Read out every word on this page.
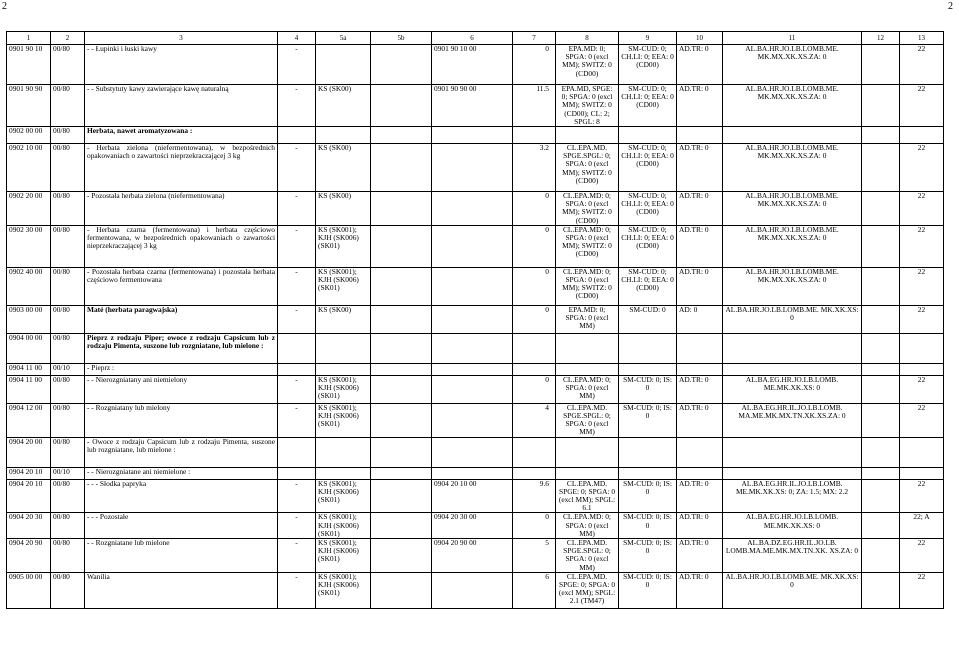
2	2
1	2	3	4	5a	5b	6	7	8	9	10	11	12	13
0901 90 10	00/80	- - Łupinki i łuski kawy	-			0901 90 10 00	0	EPA.MD: 0; SPGA: 0 (excl MM); SWITZ: 0 (CD00)	SM-CUD: 0; CH.LI: 0; EEA: 0 (CD00)	AD.TR: 0	AL.BA.HR.JO.LB.LOMB.ME. MK.MX.XK.XS.ZA: 0		22
0901 90 90	00/80	- - Substytuty kawy zawierające kawę naturalną	-	KS (SK00)		0901 90 90 00	11.5	EPA.MD, SPGE: 0; SPGA: 0 (excl MM); SWITZ: 0 (CD00); CL: 2; SPGL: 8	SM-CUD: 0; CH.LI: 0; EEA: 0 (CD00)	AD.TR: 0	AL.BA.HR.JO.LB.LOMB.ME. MK.MX.XK.XS.ZA: 0		22
0902 00 00	00/80	Herbata, nawet aromatyzowana :											
0902 10 00	00/80	- Herbata zielona (niefermentowana), w bezpośrednich opakowaniach o zawartości nieprzekraczającej 3 kg	-	KS (SK00)			3.2	CL.EPA.MD. SPGE.SPGL: 0; SPGA: 0 (excl MM); SWITZ: 0 (CD00)	SM-CUD: 0; CH.LI: 0; EEA: 0 (CD00)	AD.TR: 0	AL.BA.HR.JO.LB.LOMB.ME. MK.MX.XK.XS.ZA: 0		22
0902 20 00	00/80	- Pozostała herbata zielona (niefermentowana)	-	KS (SK00)			0	CL.EPA.MD: 0; SPGA: 0 (excl MM); SWITZ: 0 (CD00)	SM-CUD: 0; CH.LI: 0; EEA: 0 (CD00)	AD.TR: 0	AL.BA.HR.JO.LB.LOMB.ME. MK.MX.XK.XS.ZA: 0		22
0902 30 00	00/80	- Herbata czarna (fermentowana) i herbata częściowo fermentowana, w bezpośrednich opakowaniach o zawartości nieprzekraczającej 3 kg	-	KS (SK001); KJH (SK006) (SK01)			0	CL.EPA.MD: 0; SPGA: 0 (excl MM); SWITZ: 0 (CD00)	SM-CUD: 0; CH.LI: 0; EEA: 0 (CD00)	AD.TR: 0	AL.BA.HR.JO.LB.LOMB.ME. MK.MX.XK.XS.ZA: 0		22
0902 40 00	00/80	- Pozostała herbata czarna (fermentowana) i pozostała herbata częściowo fermentowana	-	KS (SK001); KJH (SK006) (SK01)			0	CL.EPA.MD: 0; SPGA: 0 (excl MM); SWITZ: 0 (CD00)	SM-CUD: 0; CH.LI: 0; EEA: 0 (CD00)	AD.TR: 0	AL.BA.HR.JO.LB.LOMB.ME. MK.MX.XK.XS.ZA: 0		22
0903 00 00	00/80	Maté (herbata paragwajska)	-	KS (SK00)			0	EPA.MD: 0; SPGA: 0 (excl MM)	SM-CUD: 0	AD: 0	AL.BA.HR.JO.LB.LOMB.ME. MK.XK.XS: 0		22
0904 00 00	00/80	Pieprz z rodzaju Piper; owoce z rodzaju Capsicum lub z rodzaju Pimenta, suszone lub rozgniatane, lub mielone :											
0904 11 00	00/10	- Pieprz :											
0904 11 00	00/80	- - Nierozgniatany ani niemielony	-	KS (SK001); KJH (SK006) (SK01)			0	CL.EPA.MD: 0; SPGA: 0 (excl MM)	SM-CUD: 0; IS: 0	AD.TR: 0	AL.BA.EG.HR.JO.LB.LOMB. ME.MK.XK.XS: 0		22
0904 12 00	00/80	- - Rozgniatany lub mielony	-	KS (SK001); KJH (SK006) (SK01)			4	CL.EPA.MD. SPGE.SPGL: 0; SPGA: 0 (excl MM)	SM-CUD: 0; IS: 0	AD.TR: 0	AL.BA.EG.HR.IL.JO.LB.LOMB. MA.ME.MK.MX.TN.XK.XS.ZA: 0		22
0904 20 00	00/80	- Owoce z rodzaju Capsicum lub z rodzaju Pimenta, suszone lub rozgniatane, lub mielone :											
0904 20 10	00/10	- - Nierozgniatane ani niemielone :											
0904 20 10	00/80	- - - Słodka papryka	-	KS (SK001); KJH (SK006) (SK01)		0904 20 10 00	9.6	CL.EPA.MD. SPGE: 0; SPGA: 0 (excl MM); SPGL: 6.1	SM-CUD: 0; IS: 0	AD.TR: 0	AL.BA.EG.HR.IL.JO.LB.LOMB. ME.MK.XK.XS: 0; ZA: 1.5; MX: 2.2		22
0904 20 30	00/80	- - - Pozostałe	-	KS (SK001); KJH (SK006) (SK01)		0904 20 30 00	0	CL.EPA.MD: 0; SPGA: 0 (excl MM)	SM-CUD: 0; IS: 0	AD.TR: 0	AL.BA.EG.HR.JO.LB.LOMB. ME.MK.XK.XS: 0		22; A
0904 20 90	00/80	- - Rozgniatane lub mielone	-	KS (SK001); KJH (SK006) (SK01)		0904 20 90 00	5	CL.EPA.MD. SPGE.SPGL: 0; SPGA: 0 (excl MM)	SM-CUD: 0; IS: 0	AD.TR: 0	AL.BA.DZ.EG.HR.IL.JO.LB. LOMB.MA.ME.MK.MX.TN.XK. XS.ZA: 0		22
0905 00 00	00/80	Wanilia	-	KS (SK001); KJH (SK006) (SK01)			6	CL.EPA.MD. SPGE: 0; SPGA: 0 (excl MM); SPGL: 2.1 (TM47)	SM-CUD: 0; IS: 0	AD.TR: 0	AL.BA.HR.JO.LB.LOMB.ME. MK.XK.XS: 0		22
